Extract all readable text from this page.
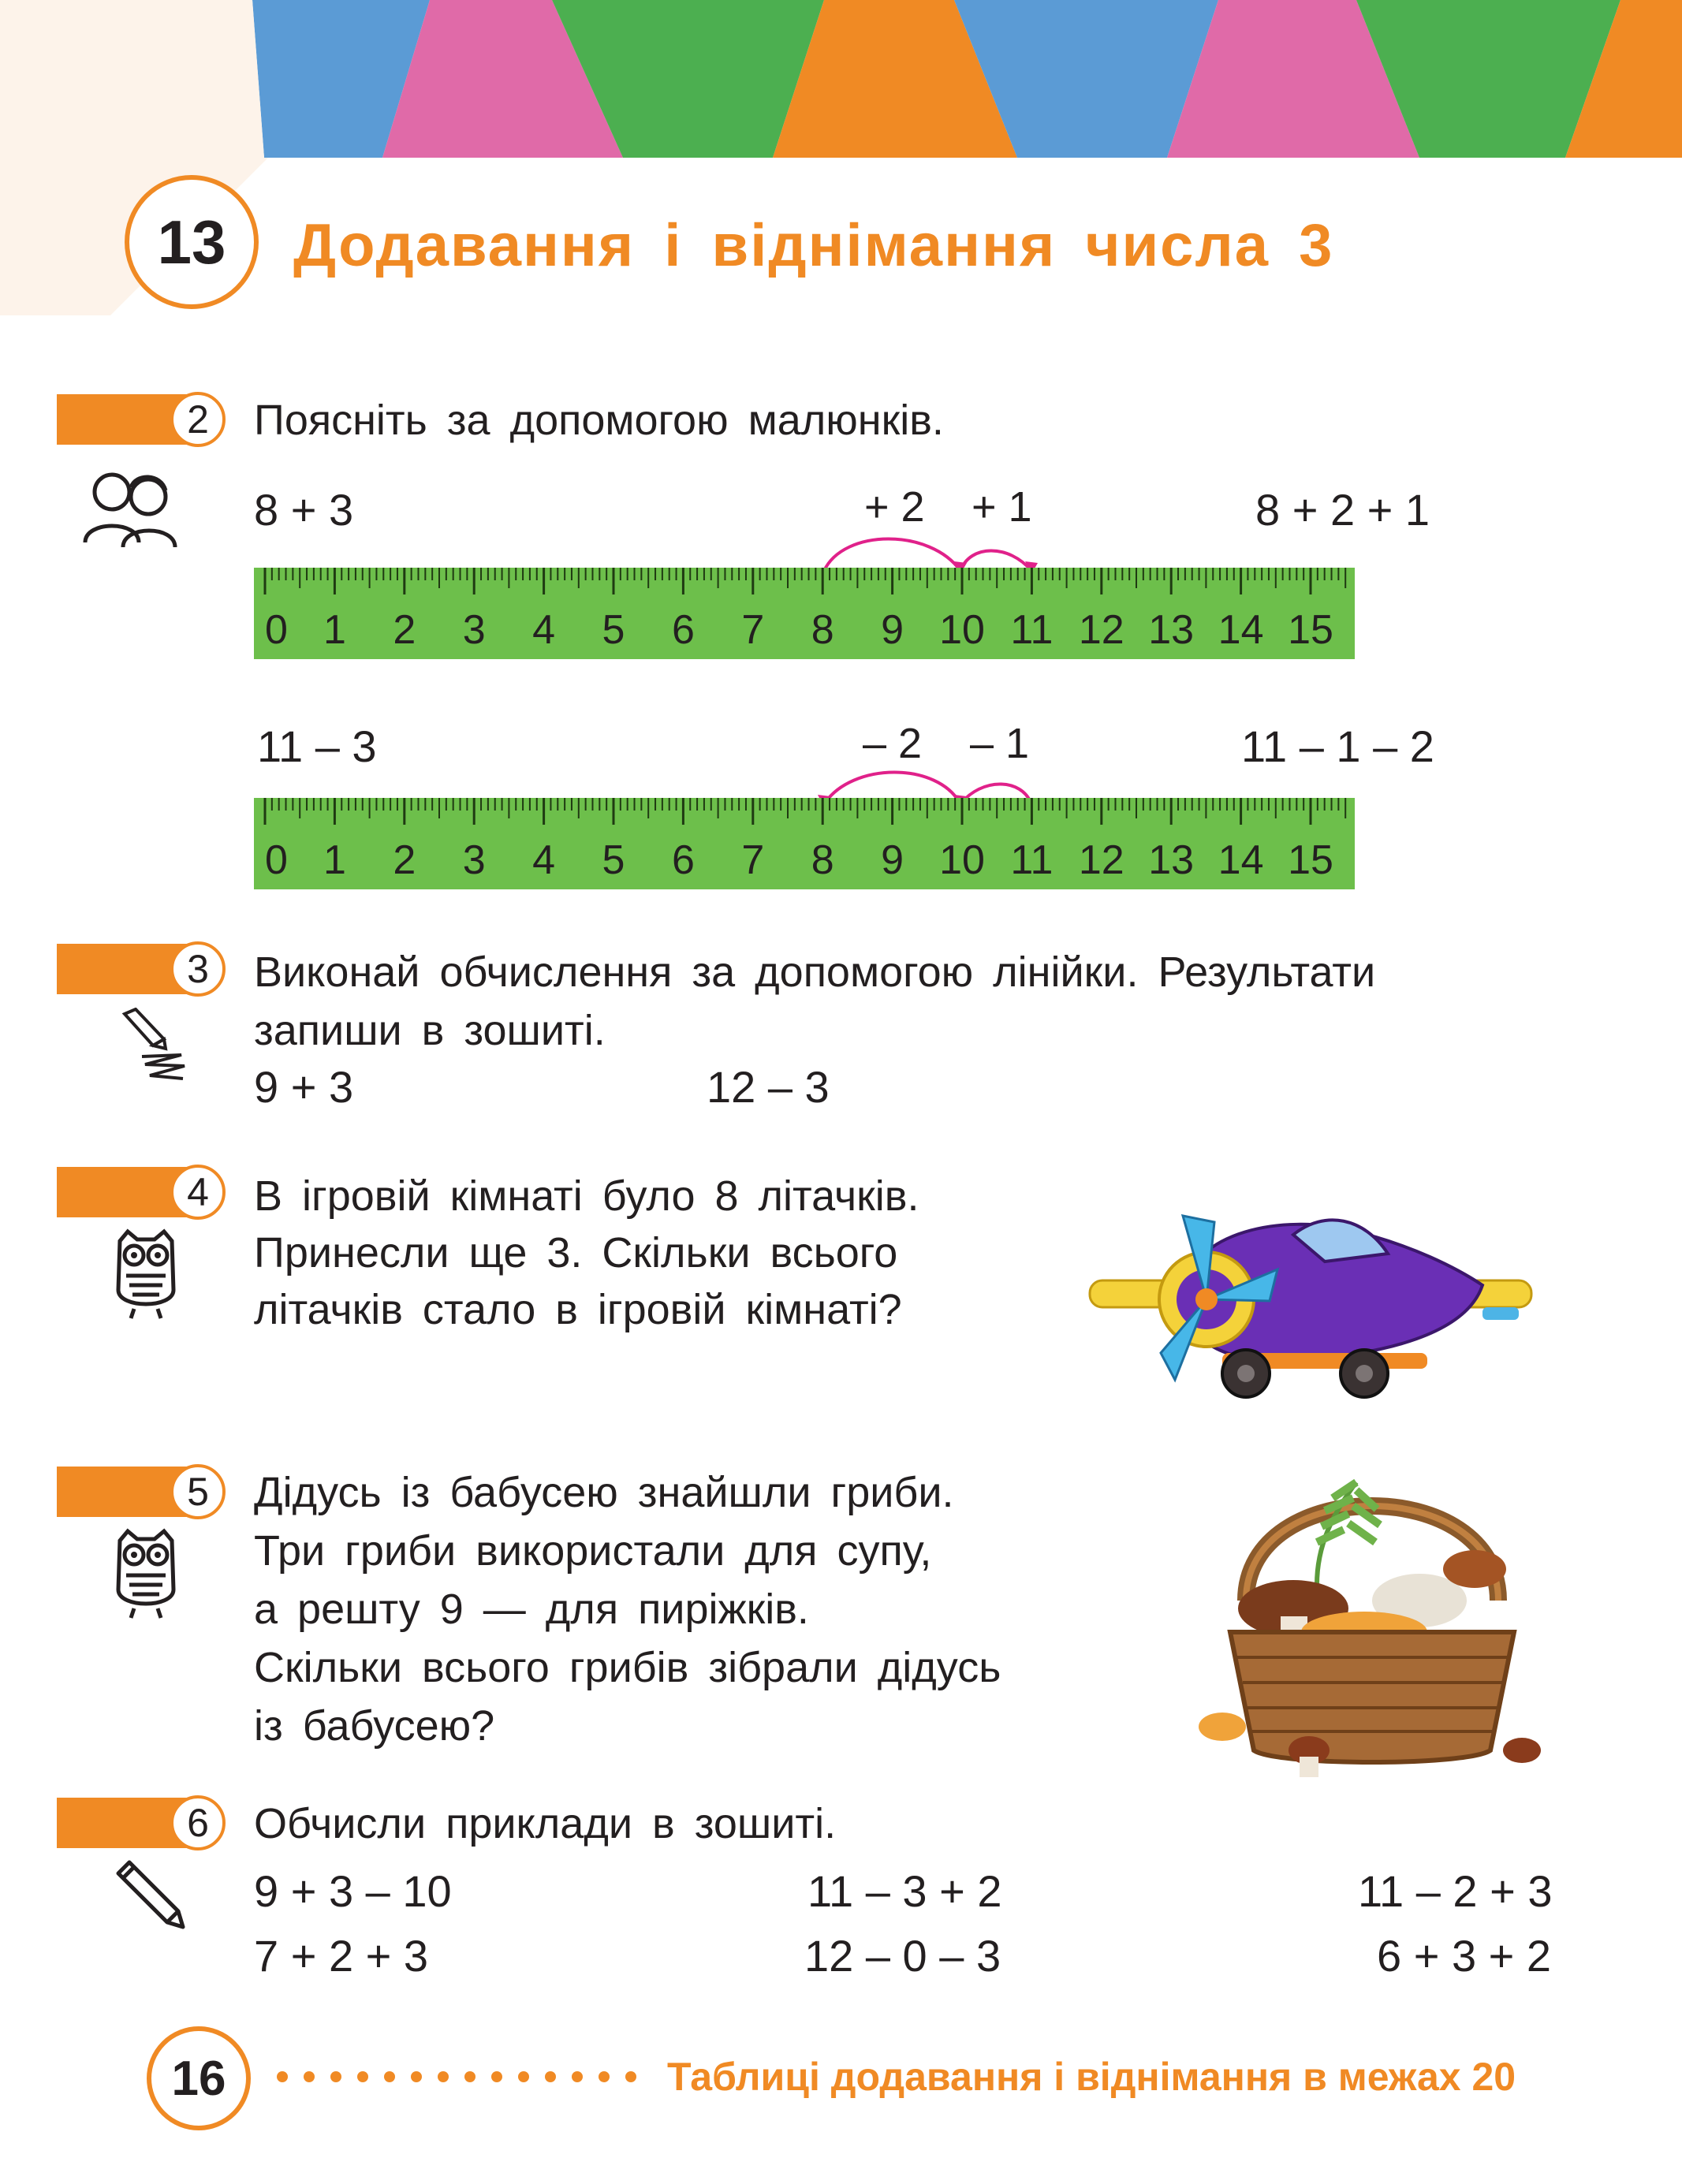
13	Додавання і віднімання числа 3
2	Поясніть за допомогою малюнків.
8 + 3	+ 2 + 1	8 + 2 + 1
0 1 2 3 4 5 6 7 8 9 10 11 12 13 14 15
11 – 3	– 2 – 1	11 – 1 – 2
0 1 2 3 4 5 6 7 8 9 10 11 12 13 14 15
3	Виконай обчислення за допомогою лінійки. Результати
запиши в зошиті.
9 + 3	12 – 3
4	В ігровій кімнаті було 8 літачків.
Принесли ще 3. Скільки всього
літачків стало в ігровій кімнаті?
5	Дідусь із бабусею знайшли гриби.
Три гриби використали для супу,
а решту 9 — для пиріжків.
Скільки всього грибів зібрали дідусь
із бабусею?
6	Обчисли приклади в зошиті.
9 + 3 – 10	11 – 3 + 2	11 – 2 + 3
7 + 2 + 3	12 – 0 – 3	6 + 3 + 2
16	Таблиці додавання і віднімання в межах 20
